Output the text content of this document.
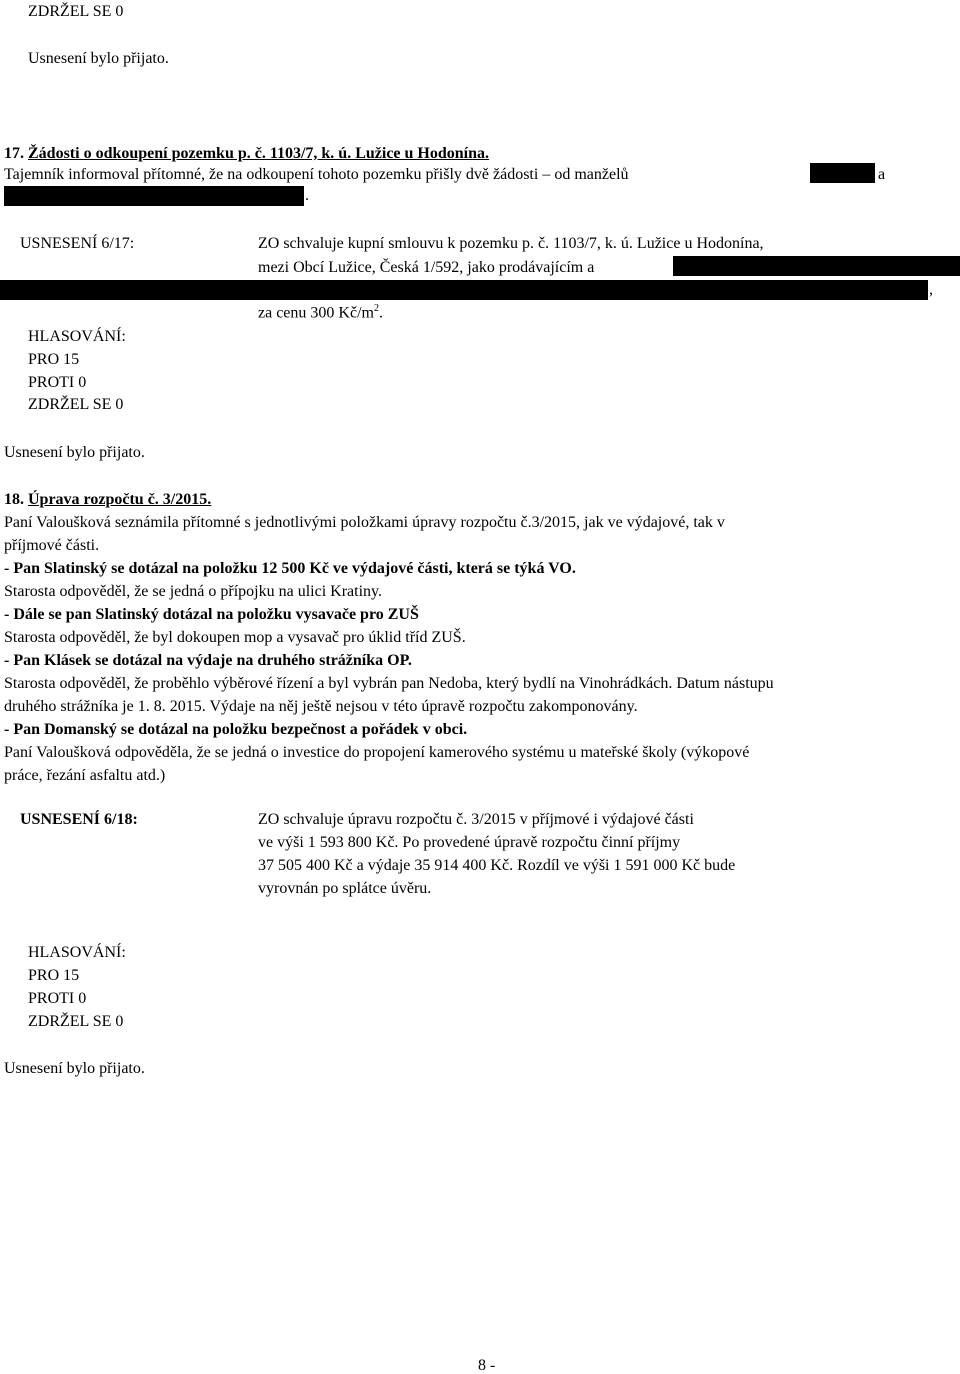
ZDRŽEL SE 0
Usnesení bylo přijato.
17. Žádosti o odkoupení pozemku p. č. 1103/7, k. ú. Lužice u Hodonína.
Tajemník informoval přítomné, že na odkoupení tohoto pozemku přišly dvě žádosti – od manželů	a
.
USNESENÍ 6/17:	ZO schvaluje kupní smlouvu k pozemku p. č. 1103/7, k. ú. Lužice u Hodonína,
mezi Obcí Lužice, Česká 1/592, jako prodávajícím a
,
za cenu 300 $Kč/m^2$.
HLASOVÁNÍ:
PRO 15
PROTI 0
ZDRŽEL SE 0
Usnesení bylo přijato.
18. Úprava rozpočtu č. 3/2015.
Paní Valoušková seznámila přítomné s jednotlivými položkami úpravy rozpočtu č.3/2015, jak ve výdajové, tak v
příjmové části.
- Pan Slatinský se dotázal na položku 12 500 Kč ve výdajové části, která se týká VO.
Starosta odpověděl, že se jedná o přípojku na ulici Kratiny.
- Dále se pan Slatinský dotázal na položku vysavače pro ZUŠ
Starosta odpověděl, že byl dokoupen mop a vysavač pro úklid tříd ZUŠ.
- Pan Klásek se dotázal na výdaje na druhého strážníka OP.
Starosta odpověděl, že proběhlo výběrové řízení a byl vybrán pan Nedoba, který bydlí na Vinohrádkách. Datum nástupu
druhého strážníka je 1. 8. 2015. Výdaje na něj ještě nejsou v této úpravě rozpočtu zakomponovány.
- Pan Domanský se dotázal na položku bezpečnost a pořádek v obci.
Paní Valoušková odpověděla, že se jedná o investice do propojení kamerového systému u mateřské školy (výkopové
práce, řezání asfaltu atd.)
USNESENÍ 6/18:	ZO schvaluje úpravu rozpočtu č. 3/2015 v příjmové i výdajové části
ve výši 1 593 800 Kč. Po provedené úpravě rozpočtu činní příjmy
37 505 400 Kč a výdaje 35 914 400 Kč. Rozdíl ve výši 1 591 000 Kč bude
vyrovnán po splátce úvěru.
HLASOVÁNÍ:
PRO 15
PROTI 0
ZDRŽEL SE 0
Usnesení bylo přijato.
8 -
